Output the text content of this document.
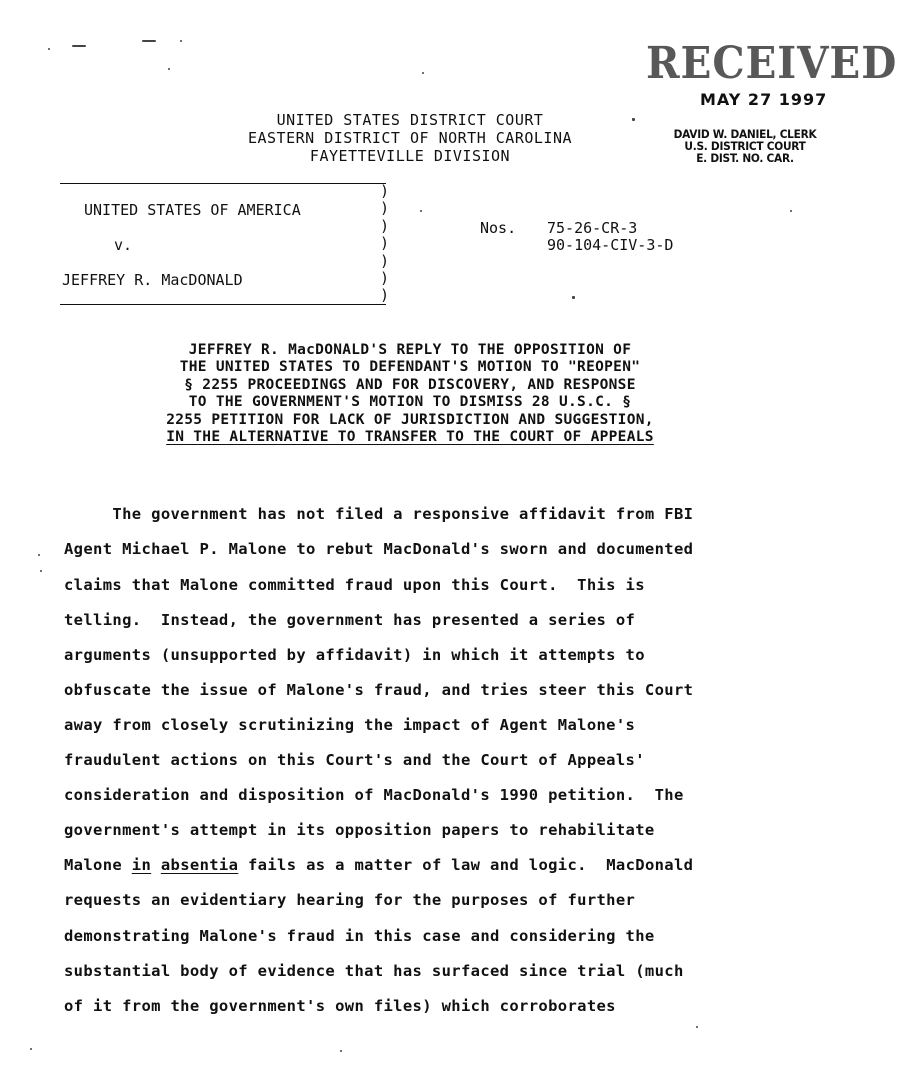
RECEIVED
MAY 27 1997
DAVID W. DANIEL, CLERK
U.S. DISTRICT COURT
E. DIST. NO. CAR.
UNITED STATES DISTRICT COURT
EASTERN DISTRICT OF NORTH CAROLINA
FAYETTEVILLE DIVISION
)
)
)
)
)
)
)
UNITED STATES OF AMERICA
v.
JEFFREY R. MacDONALD
Nos. 75-26-CR-3
90-104-CIV-3-D
JEFFREY R. MacDONALD'S REPLY TO THE OPPOSITION OF
THE UNITED STATES TO DEFENDANT'S MOTION TO "REOPEN"
§ 2255 PROCEEDINGS AND FOR DISCOVERY, AND RESPONSE
TO THE GOVERNMENT'S MOTION TO DISMISS 28 U.S.C. §
2255 PETITION FOR LACK OF JURISDICTION AND SUGGESTION,
IN THE ALTERNATIVE TO TRANSFER TO THE COURT OF APPEALS
The government has not filed a responsive affidavit from FBI
Agent Michael P. Malone to rebut MacDonald's sworn and documented
claims that Malone committed fraud upon this Court.  This is
telling.  Instead, the government has presented a series of
arguments (unsupported by affidavit) in which it attempts to
obfuscate the issue of Malone's fraud, and tries steer this Court
away from closely scrutinizing the impact of Agent Malone's
fraudulent actions on this Court's and the Court of Appeals'
consideration and disposition of MacDonald's 1990 petition.  The
government's attempt in its opposition papers to rehabilitate
Malone in absentia fails as a matter of law and logic.  MacDonald
requests an evidentiary hearing for the purposes of further
demonstrating Malone's fraud in this case and considering the
substantial body of evidence that has surfaced since trial (much
of it from the government's own files) which corroborates
